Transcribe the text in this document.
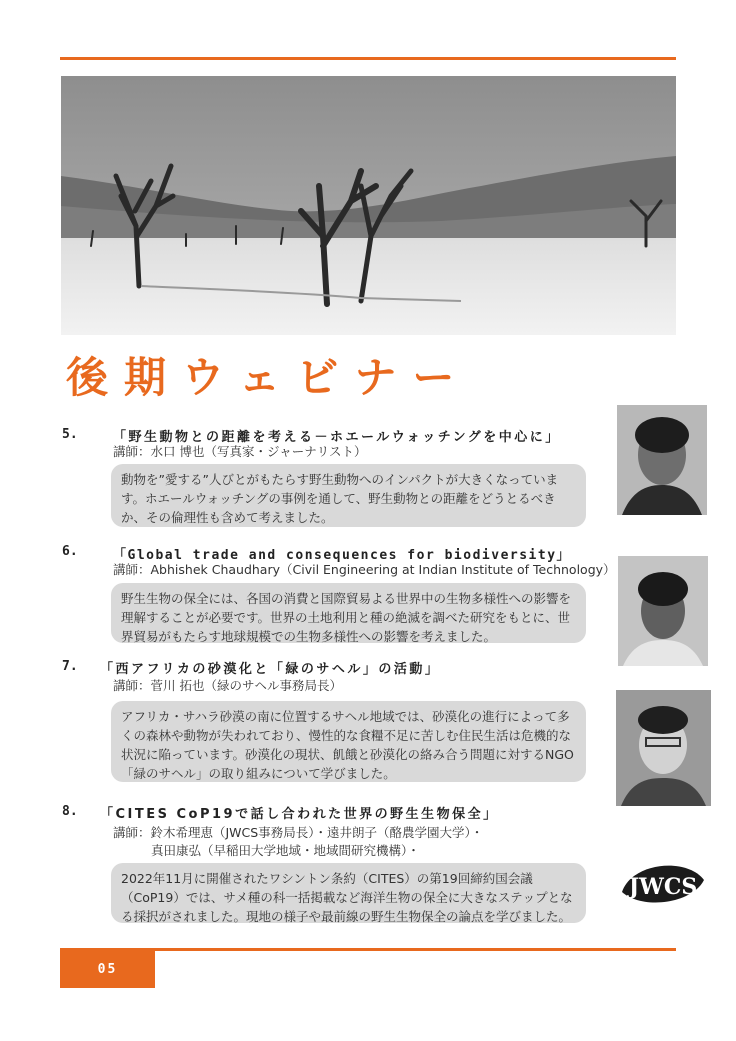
後期ウェビナー
5.	「野生動物との距離を考える－ホエールウォッチングを中心に」
講師：水口 博也（写真家・ジャーナリスト）
動物を”愛する”人びとがもたらす野生動物へのインパクトが大きくなっています。ホエールウォッチングの事例を通して、野生動物との距離をどうとるべきか、その倫理性も含めて考えました。
6.	「Global trade and consequences for biodiversity」
講師：Abhishek Chaudhary（Civil Engineering at Indian Institute of Technology）
野生生物の保全には、各国の消費と国際貿易よる世界中の生物多様性への影響を理解することが必要です。世界の土地利用と種の絶滅を調べた研究をもとに、世界貿易がもたらす地球規模での生物多様性への影響を考えました。
7. 「西アフリカの砂漠化と「緑のサヘル」の活動」
講師：菅川 拓也（緑のサヘル事務局長）
アフリカ・サハラ砂漠の南に位置するサヘル地域では、砂漠化の進行によって多くの森林や動物が失われており、慢性的な食糧不足に苦しむ住民生活は危機的な状況に陥っています。砂漠化の現状、飢餓と砂漠化の絡み合う問題に対するNGO「緑のサヘル」の取り組みについて学びました。
8. 「CITES CoP19で話し合われた世界の野生生物保全」
講師：鈴木希理恵（JWCS事務局長）・遠井朗子（酪農学園大学）・
真田康弘（早稲田大学地域・地域間研究機構）・
2022年11月に開催されたワシントン条約（CITES）の第19回締約国会議（CoP19）では、サメ種の科一括掲載など海洋生物の保全に大きなステップとなる採択がされました。現地の様子や最前線の野生生物保全の論点を学びました。
JWCS
05
